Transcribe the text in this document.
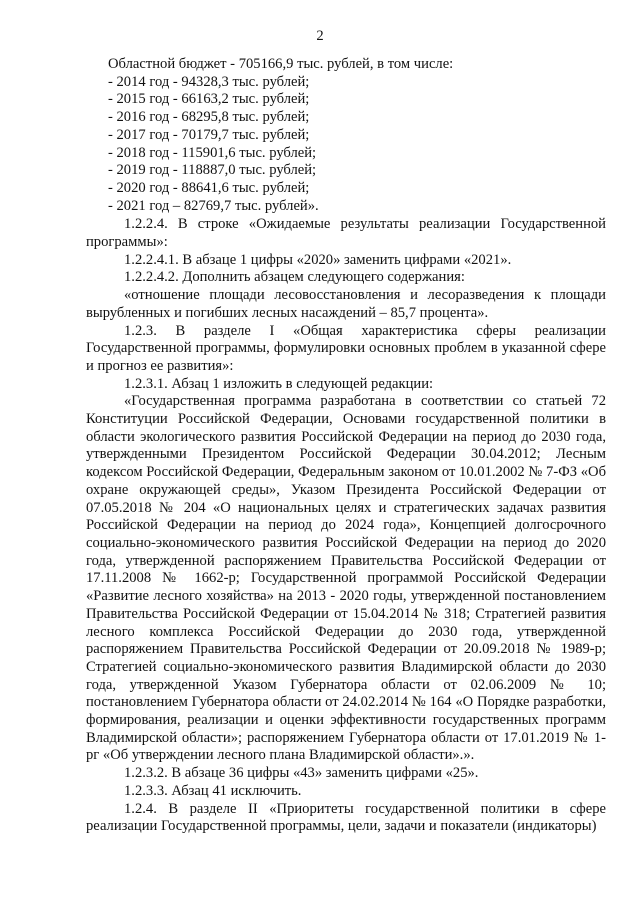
2
Областной бюджет - 705166,9 тыс. рублей, в том числе:
- 2014 год - 94328,3 тыс. рублей;
- 2015 год - 66163,2 тыс. рублей;
- 2016 год - 68295,8 тыс. рублей;
- 2017 год - 70179,7 тыс. рублей;
- 2018 год - 115901,6 тыс. рублей;
- 2019 год - 118887,0 тыс. рублей;
- 2020 год - 88641,6 тыс. рублей;
- 2021 год – 82769,7 тыс. рублей».
1.2.2.4. В строке «Ожидаемые результаты реализации Государственной программы»:
1.2.2.4.1. В абзаце 1 цифры «2020» заменить цифрами «2021».
1.2.2.4.2. Дополнить абзацем следующего содержания:
«отношение площади лесовосстановления и лесоразведения к площади вырубленных и погибших лесных насаждений – 85,7 процента».
1.2.3. В разделе I «Общая характеристика сферы реализации Государственной программы, формулировки основных проблем в указанной сфере и прогноз ее развития»:
1.2.3.1. Абзац 1 изложить в следующей редакции:
«Государственная программа разработана в соответствии со статьей 72 Конституции Российской Федерации, Основами государственной политики в области экологического развития Российской Федерации на период до 2030 года, утвержденными Президентом Российской Федерации 30.04.2012; Лесным кодексом Российской Федерации, Федеральным законом от 10.01.2002 № 7-ФЗ «Об охране окружающей среды», Указом Президента Российской Федерации от 07.05.2018 № 204 «О национальных целях и стратегических задачах развития Российской Федерации на период до 2024 года», Концепцией долгосрочного социально-экономического развития Российской Федерации на период до 2020 года, утвержденной распоряжением Правительства Российской Федерации от 17.11.2008 № 1662-р; Государственной программой Российской Федерации «Развитие лесного хозяйства» на 2013 - 2020 годы, утвержденной постановлением Правительства Российской Федерации от 15.04.2014 № 318; Стратегией развития лесного комплекса Российской Федерации до 2030 года, утвержденной распоряжением Правительства Российской Федерации от 20.09.2018 № 1989-р; Стратегией социально-экономического развития Владимирской области до 2030 года, утвержденной Указом Губернатора области от 02.06.2009 № 10; постановлением Губернатора области от 24.02.2014 № 164 «О Порядке разработки, формирования, реализации и оценки эффективности государственных программ Владимирской области»; распоряжением Губернатора области от 17.01.2019 № 1-рг «Об утверждении лесного плана Владимирской области».».
1.2.3.2. В абзаце 36 цифры «43» заменить цифрами «25».
1.2.3.3. Абзац 41 исключить.
1.2.4. В разделе II «Приоритеты государственной политики в сфере реализации Государственной программы, цели, задачи и показатели (индикаторы)
